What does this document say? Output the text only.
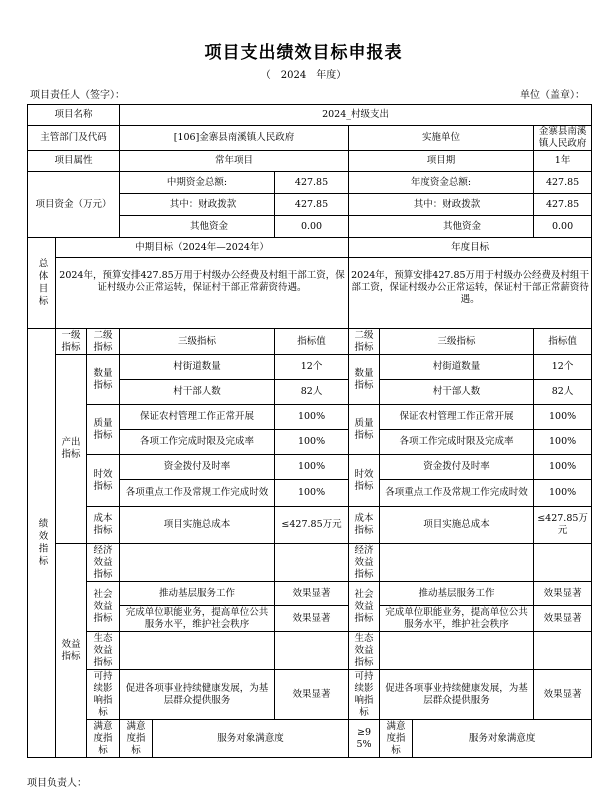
项目支出绩效目标申报表
（　2024　年度）
项目责任人（签字）：	单位（盖章）：
项目名称			2024_村级支出							
主管部门及代码			[106]金寨县南溪镇人民政府			实施单位			金寨县南溪镇人民政府	
项目属性			常年项目			项目期			1年	
项目资金（万元）			中期资金总额:		427.85	年度资金总额:			427.85	
			其中：财政拨款		427.85	其中：财政拨款			427.85	
			其他资金		0.00	其他资金			0.00	
总体目标	中期目标（2024年—2024年）					年度目标				
	2024年，预算安排427.85万用于村级办公经费及村组干部工资，保证村级办公正常运转，保证村干部正常薪资待遇。					2024年，预算安排427.85万用于村级办公经费及村组干部工资，保证村级办公正常运转，保证村干部正常薪资待遇。				
绩效指标	一级指标	二级指标	三级指标		指标值	二级指标	三级指标		指标值	
	产出指标	数量指标	村街道数量		12个	数量指标	村街道数量		12个	
			村干部人数		82人		村干部人数		82人	
		质量指标	保证农村管理工作正常开展		100%	质量指标	保证农村管理工作正常开展		100%	
			各项工作完成时限及完成率		100%		各项工作完成时限及完成率		100%	
		时效指标	资金拨付及时率		100%	时效指标	资金拨付及时率		100%	
			各项重点工作及常规工作完成时效		100%		各项重点工作及常规工作完成时效		100%	
		成本指标	项目实施总成本		≤427.85万元	成本指标	项目实施总成本		≤427.85万元	

	效益指标	经济效益指标				经济效益指标				
		社会效益指标	推动基层服务工作		效果显著	社会效益指标	推动基层服务工作		效果显著	
			完成单位职能业务，提高单位公共服务水平，维护社会秩序		效果显著		完成单位职能业务，提高单位公共服务水平，维护社会秩序		效果显著	
		生态效益指标				生态效益指标				
		可持续影响指标	促进各项事业持续健康发展，为基层群众提供服务		效果显著	可持续影响指标	促进各项事业持续健康发展，为基层群众提供服务		效果显著	
		满意度指标	满意度指标	服务对象满意度		≥95%	满意度指标	服务对象满意度	
项目负责人：
